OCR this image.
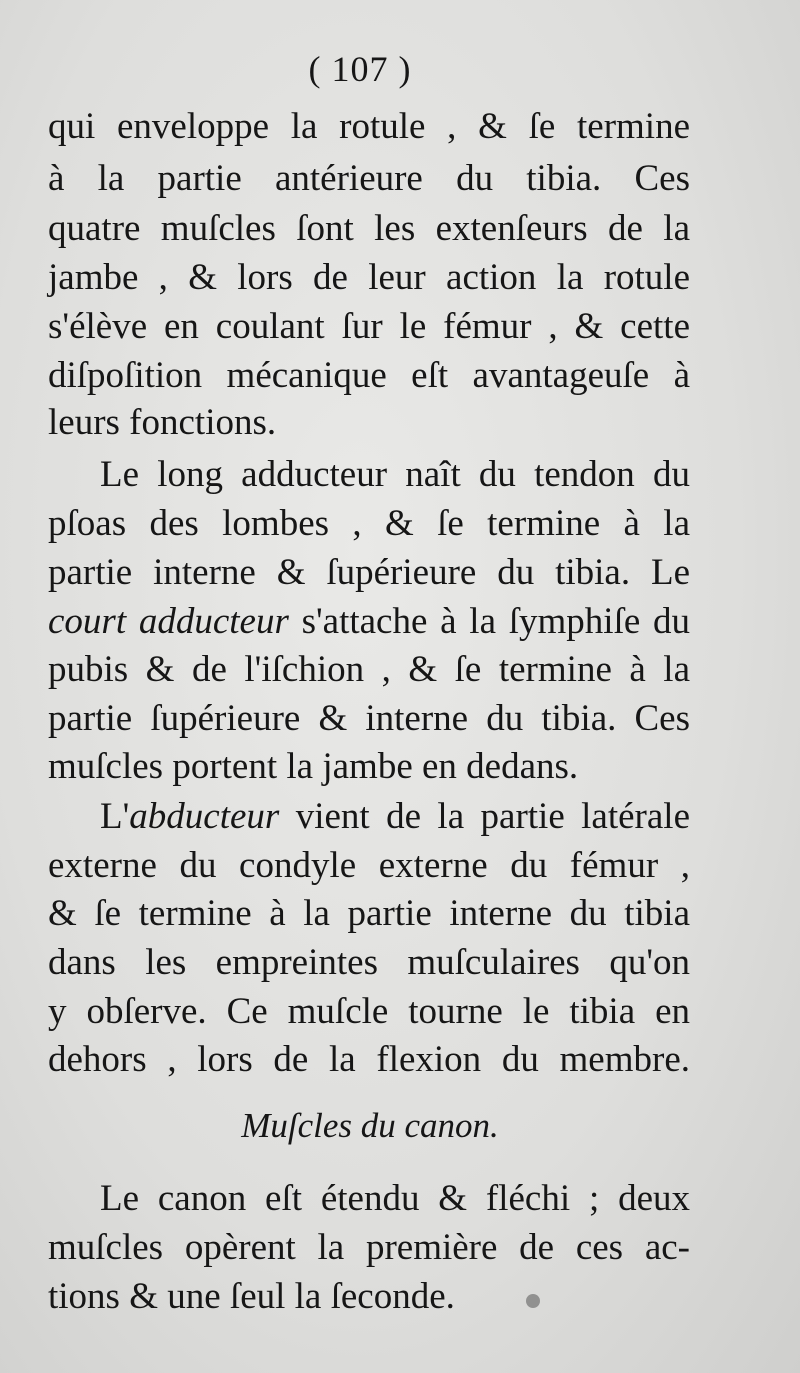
( 107 )
qui enveloppe la rotule , & ſe termine
à la partie antérieure du tibia. Ces
quatre muſcles ſont les extenſeurs de la
jambe , & lors de leur action la rotule
s'élève en coulant ſur le fémur , & cette
diſpoſition mécanique eſt avantageuſe à
leurs fonctions.
Le long adducteur naît du tendon du
pſoas des lombes , & ſe termine à la
partie interne & ſupérieure du tibia. Le
court adducteur s'attache à la ſymphiſe du
pubis & de l'iſchion , & ſe termine à la
partie ſupérieure & interne du tibia. Ces
muſcles portent la jambe en dedans.
L'abducteur vient de la partie latérale
externe du condyle externe du fémur ,
& ſe termine à la partie interne du tibia
dans les empreintes muſculaires qu'on
y obſerve. Ce muſcle tourne le tibia en
dehors , lors de la flexion du membre.
Muſcles du canon.
Le canon eſt étendu & fléchi ; deux
muſcles opèrent la première de ces ac-
tions & une ſeul la ſeconde.
